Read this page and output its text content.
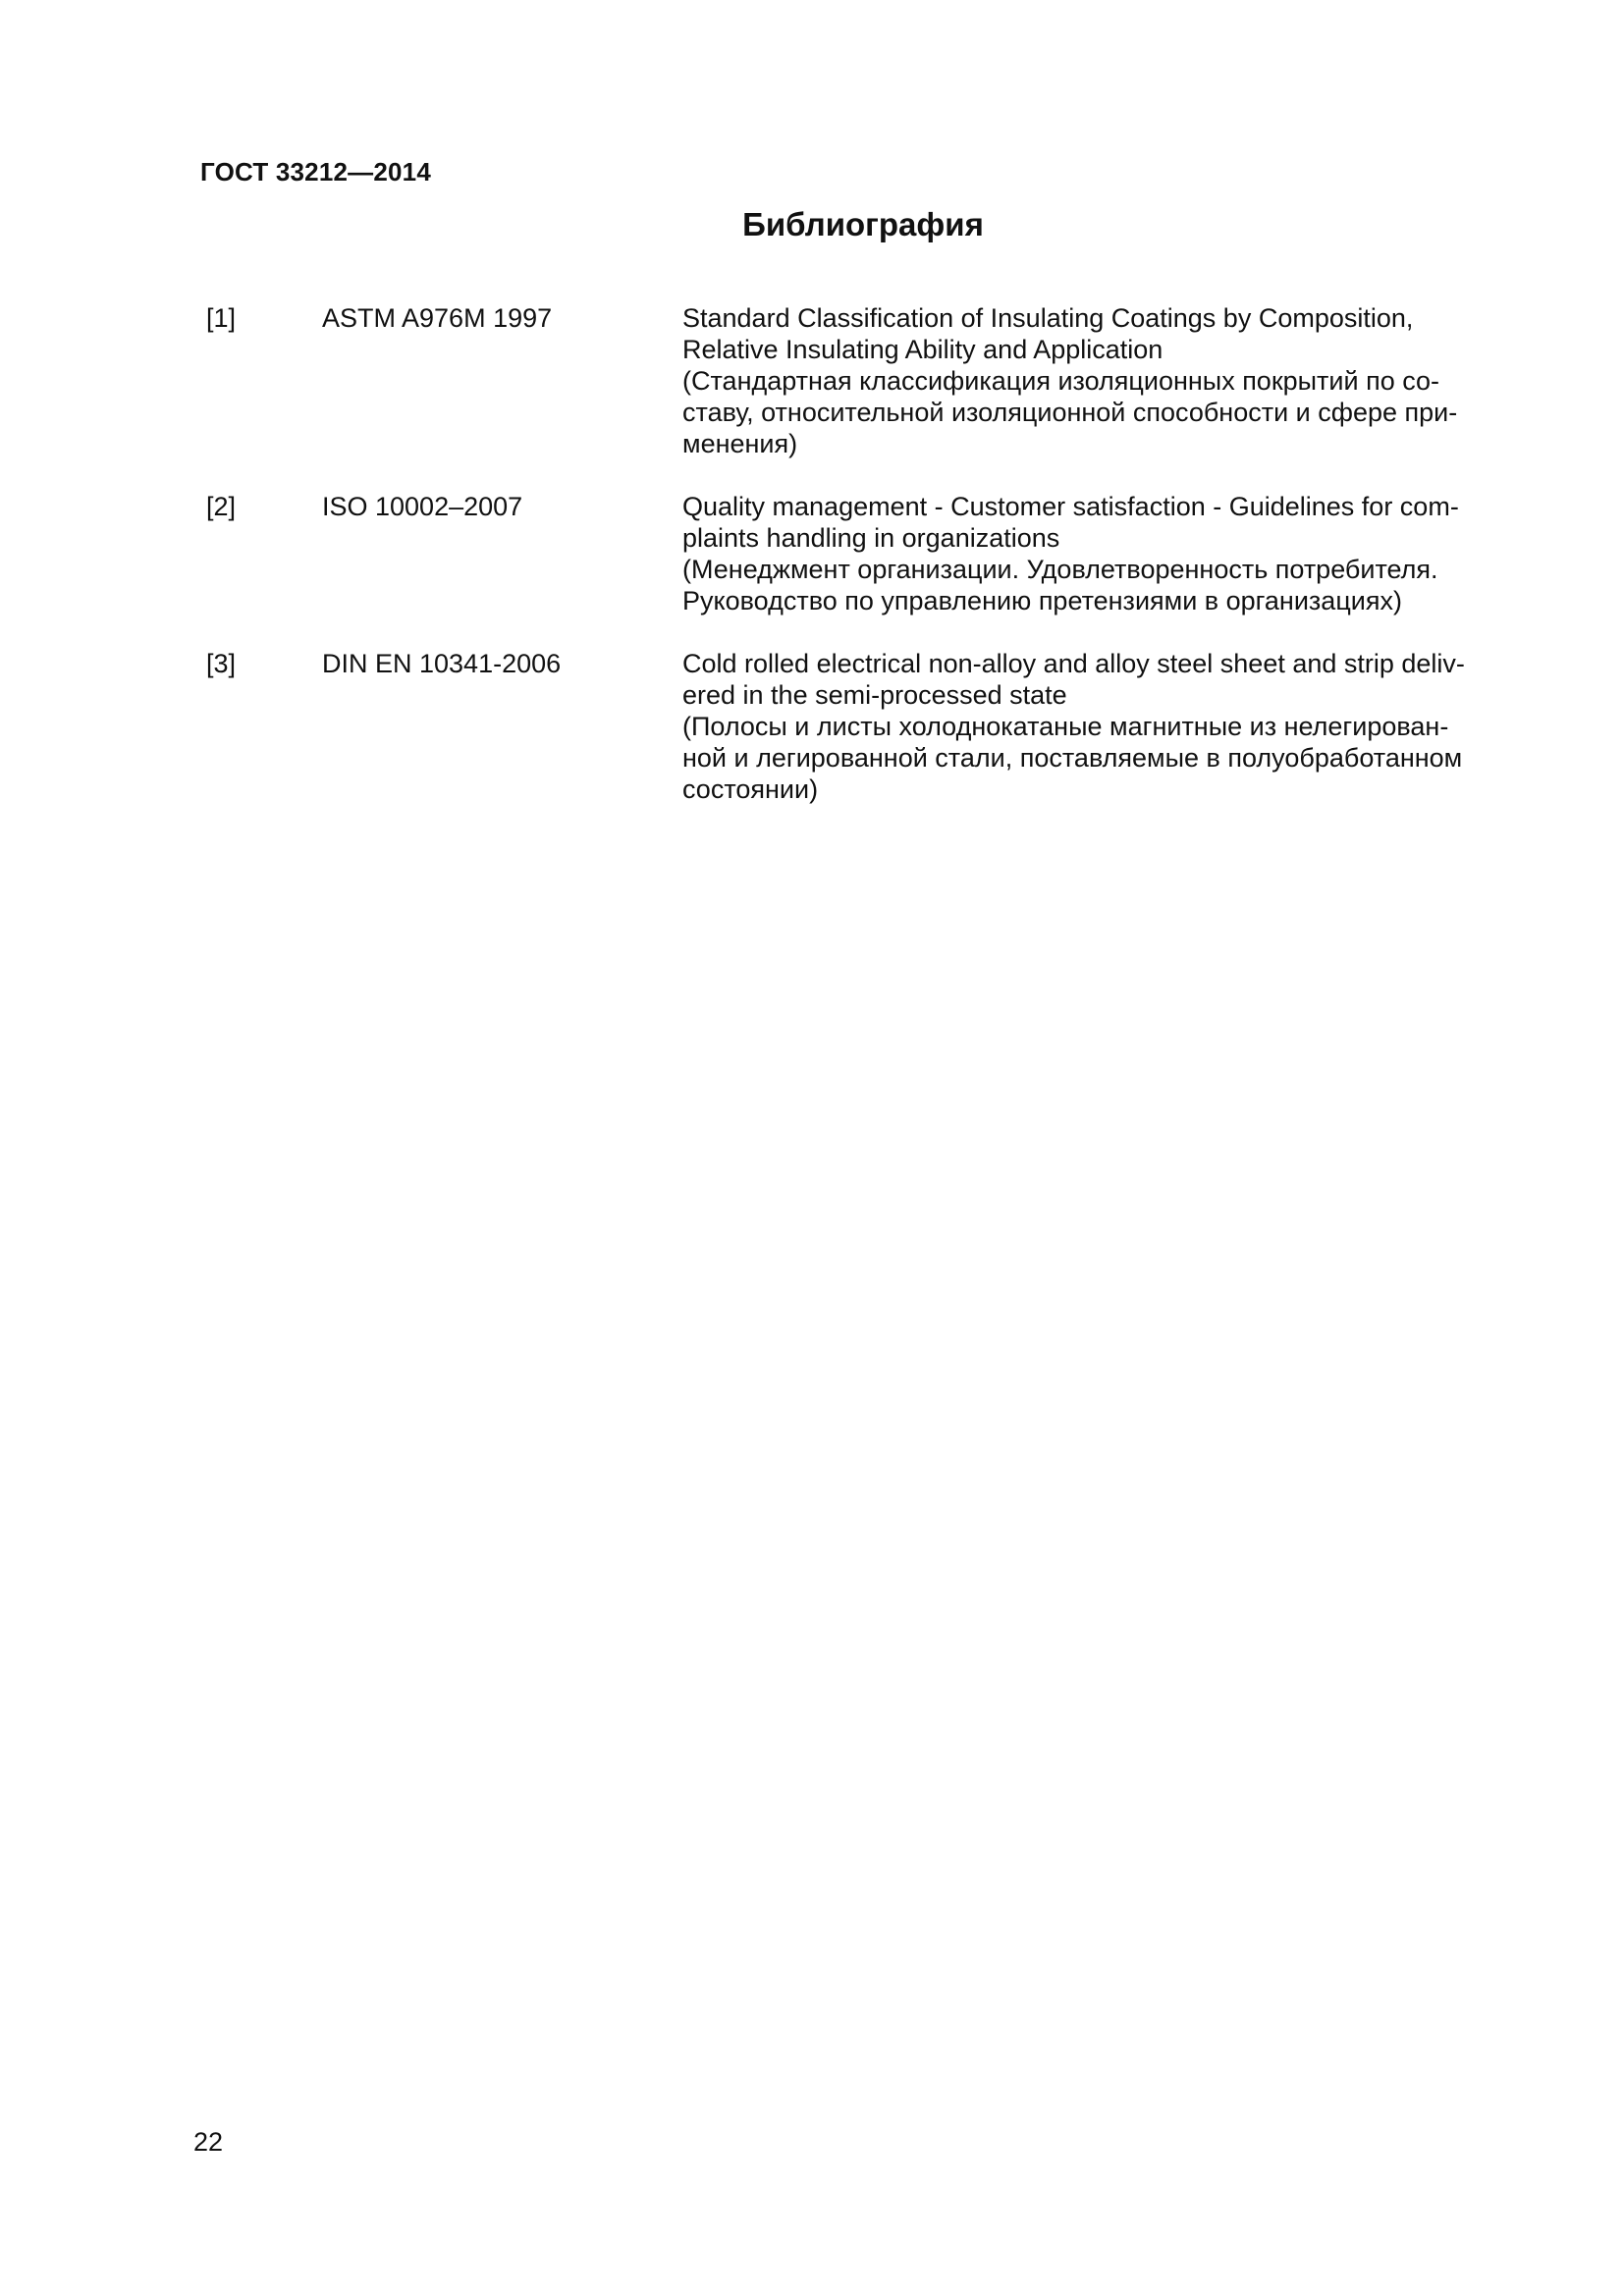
ГОСТ 33212—2014
Библиография
[1]	ASTM A976M 1997	Standard Classification of Insulating Coatings by Composition,
Relative Insulating Ability and Application
(Стандартная классификация изоляционных покрытий по со-
ставу, относительной изоляционной способности и сфере при-
менения)
[2]	ISO 10002–2007	Quality management - Customer satisfaction - Guidelines for com-
plaints handling in organizations
(Менеджмент организации. Удовлетворенность потребителя.
Руководство по управлению претензиями в организациях)
[3]	DIN EN 10341-2006	Cold rolled electrical non-alloy and alloy steel sheet and strip deliv-
ered in the semi-processed state
(Полосы и листы холоднокатаные магнитные из нелегирован-
ной и легированной стали, поставляемые в полуобработанном
состоянии)
22
